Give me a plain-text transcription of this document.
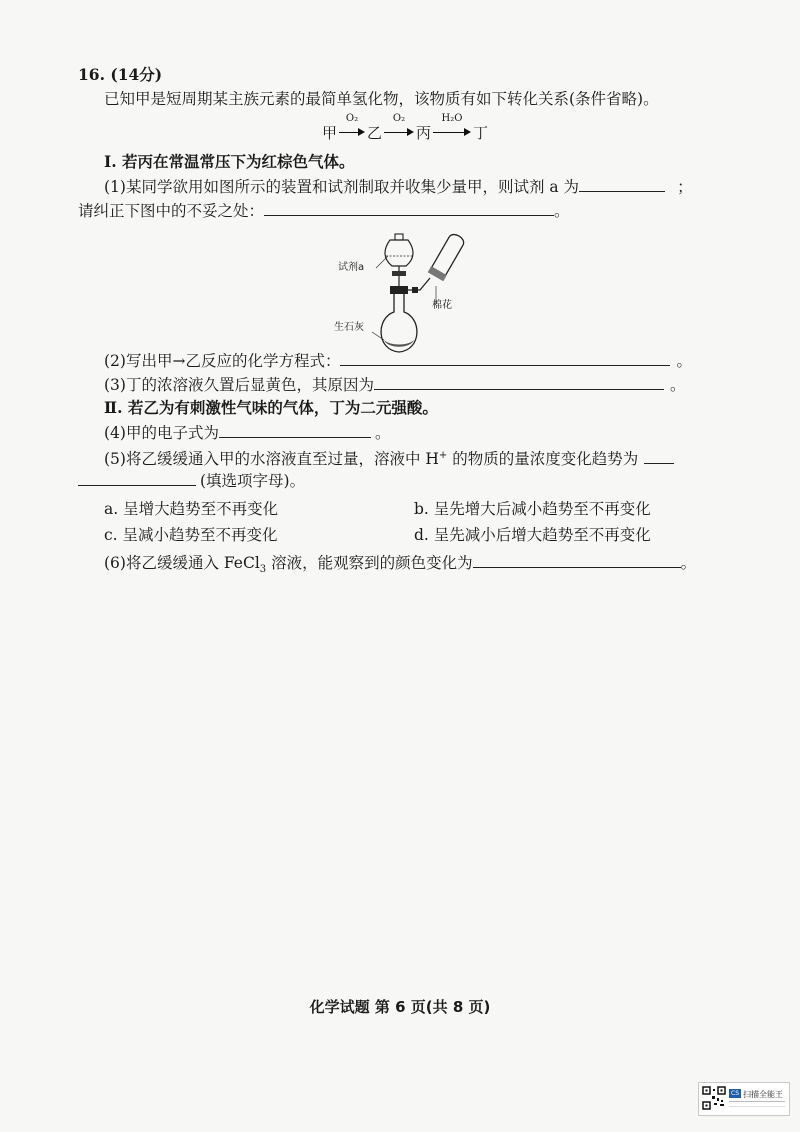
16. (14分)
已知甲是短周期某主族元素的最简单氢化物，该物质有如下转化关系(条件省略)。
甲
O₂
乙
O₂
丙
H₂O
丁
Ⅰ. 若丙在常温常压下为红棕色气体。
(1)某同学欲用如图所示的装置和试剂制取并收集少量甲，则试剂 a 为	；
请纠正下图中的不妥之处：	。
试剂a
棉花
生石灰
(2)写出甲→乙反应的化学方程式：	。
(3)丁的浓溶液久置后显黄色，其原因为	。
Ⅱ. 若乙为有刺激性气味的气体，丁为二元强酸。
(4)甲的电子式为	。
(5)将乙缓缓通入甲的水溶液直至过量，溶液中 H+ 的物质的量浓度变化趋势为
(填选项字母)。
a. 呈增大趋势至不再变化	b. 呈先增大后减小趋势至不再变化
c. 呈减小趋势至不再变化	d. 呈先减小后增大趋势至不再变化
(6)将乙缓缓通入 FeCl$_3$ 溶液，能观察到的颜色变化为	。
化学试题 第 6 页(共 8 页)
CS 扫描全能王
